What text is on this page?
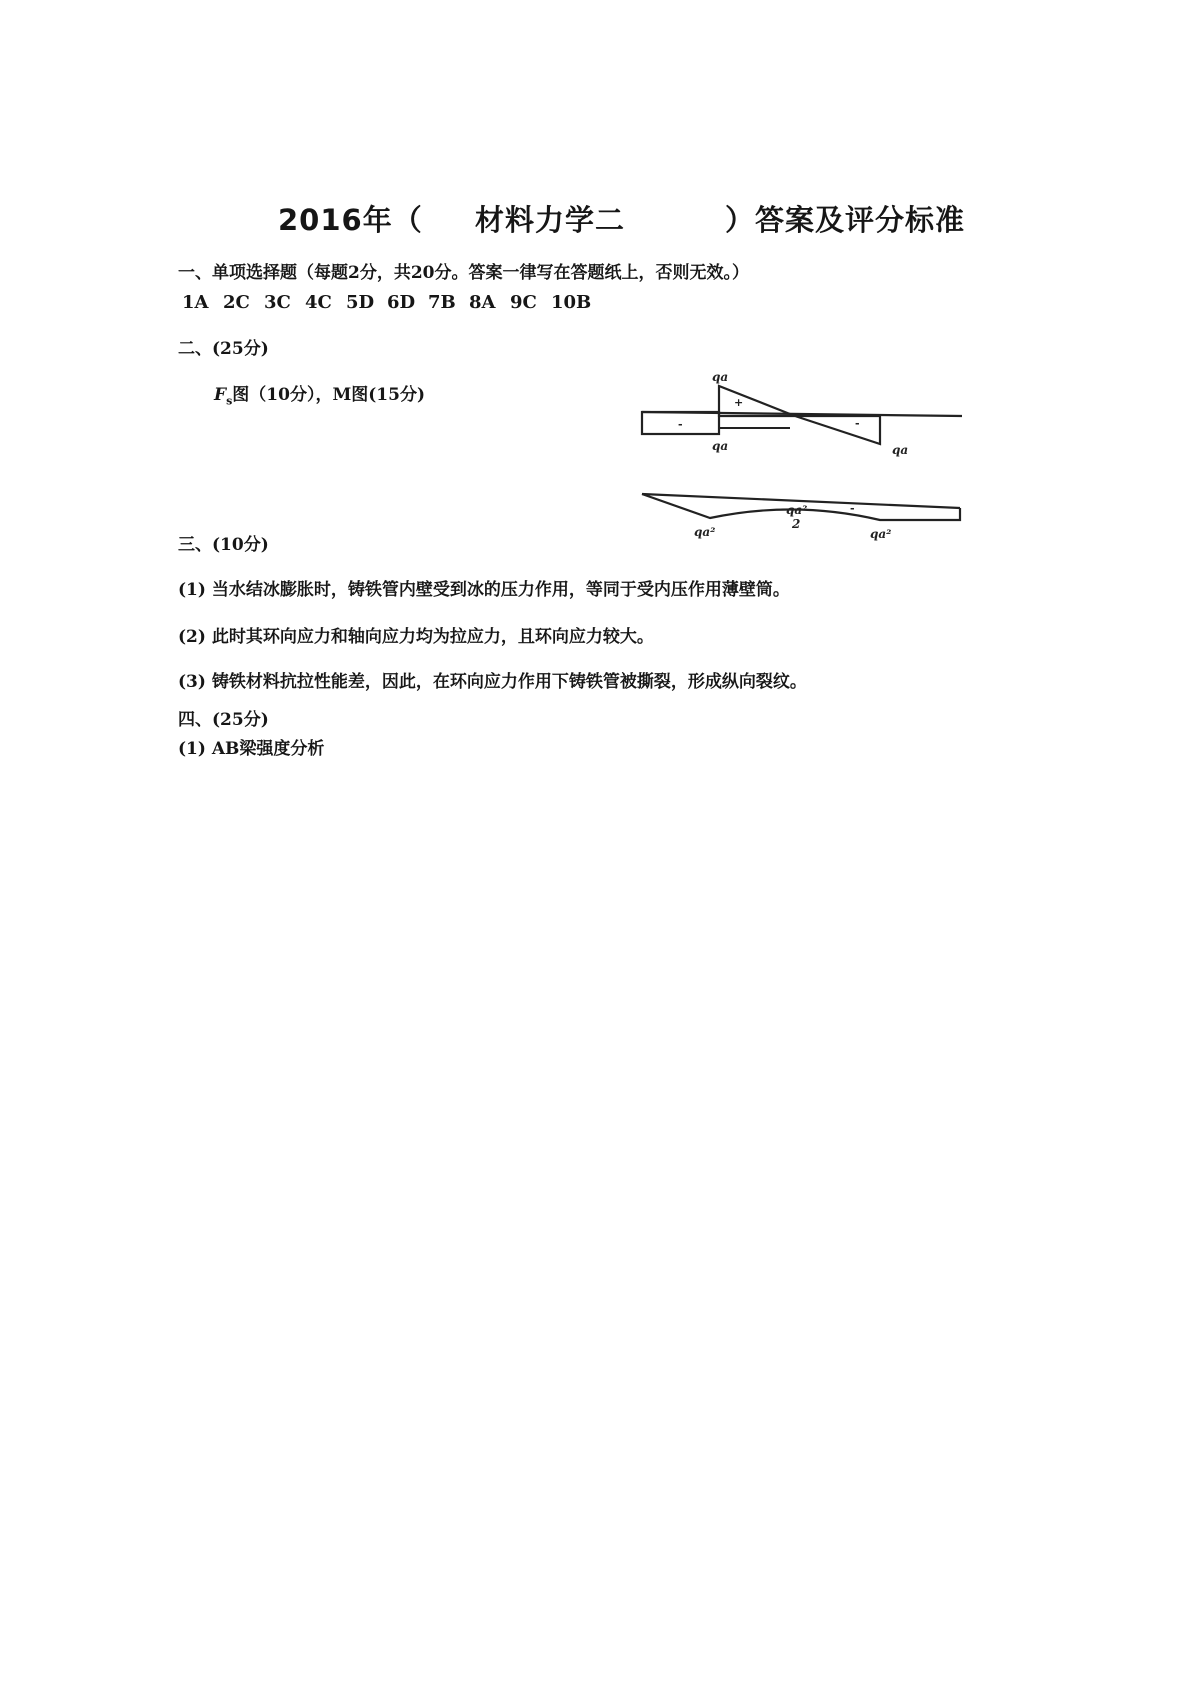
2016年（ 材料力学二	）答案及评分标准
一、单项选择题（每题2分，共20分。答案一律写在答题纸上，否则无效。）
1A 2C 3C 4C 5D 6D 7B 8A 9C 10B
二、(25分)
$F_s$图（10分），M图(15分)
qa
qa	qa
+
-	-
qa²
qa²
2
qa²
-
三、(10分)
(1) 当水结冰膨胀时，铸铁管内壁受到冰的压力作用，等同于受内压作用薄壁筒。
(2) 此时其环向应力和轴向应力均为拉应力，且环向应力较大。
(3) 铸铁材料抗拉性能差，因此，在环向应力作用下铸铁管被撕裂，形成纵向裂纹。
四、(25分)
(1) AB梁强度分析
